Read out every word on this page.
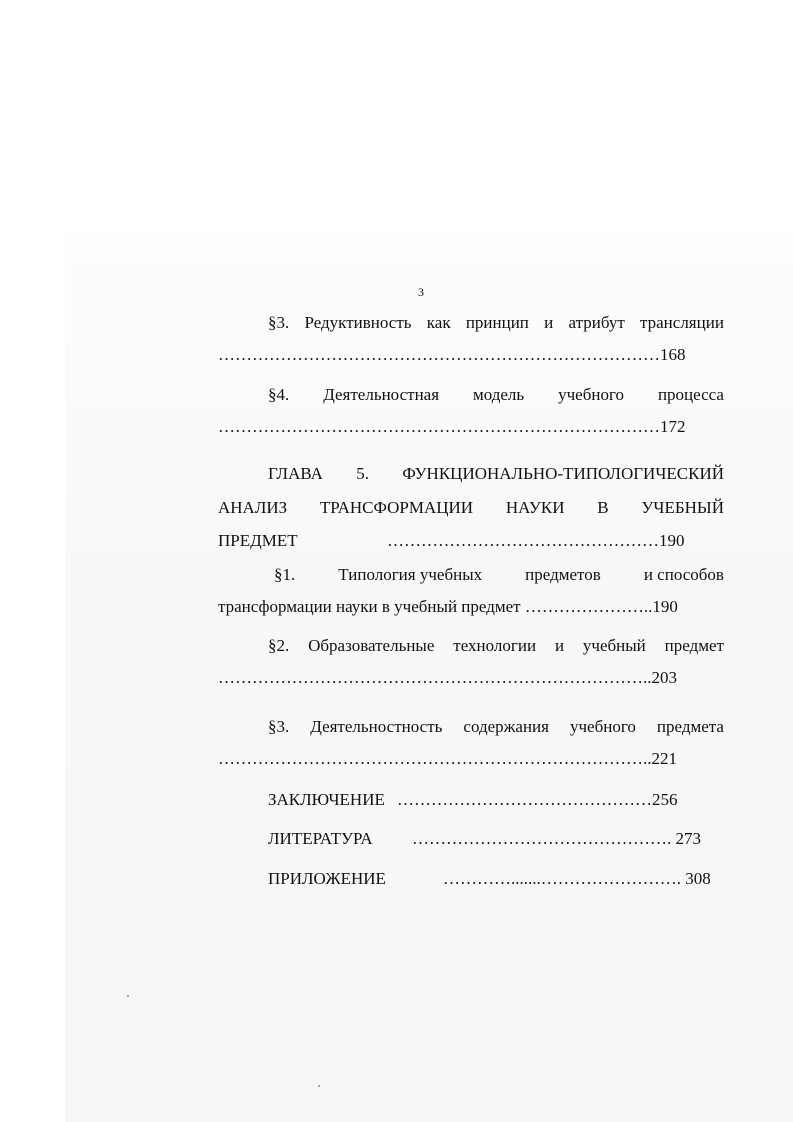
3
§3. Редуктивность как принцип и атрибут трансляции
……………………………………………………………………168
§4. Деятельностная модель учебного процесса
……………………………………………………………………172
ГЛАВА 5. ФУНКЦИОНАЛЬНО-ТИПОЛОГИЧЕСКИЙ
АНАЛИЗ ТРАНСФОРМАЦИИ НАУКИ В УЧЕБНЫЙ
ПРЕДМЕТ	…………………………………………190
§1.	Типология учебных	предметов	и способов
трансформации науки в учебный предмет …………………..190
§2. Образовательные технологии и учебный предмет
…………………………………………………………………..203
§3. Деятельностность содержания учебного предмета
…………………………………………………………………..221
ЗАКЛЮЧЕНИЕ ………………………………………256
ЛИТЕРАТУРА ………………………………………. 273
ПРИЛОЖЕНИЕ	………….......……………………. 308
